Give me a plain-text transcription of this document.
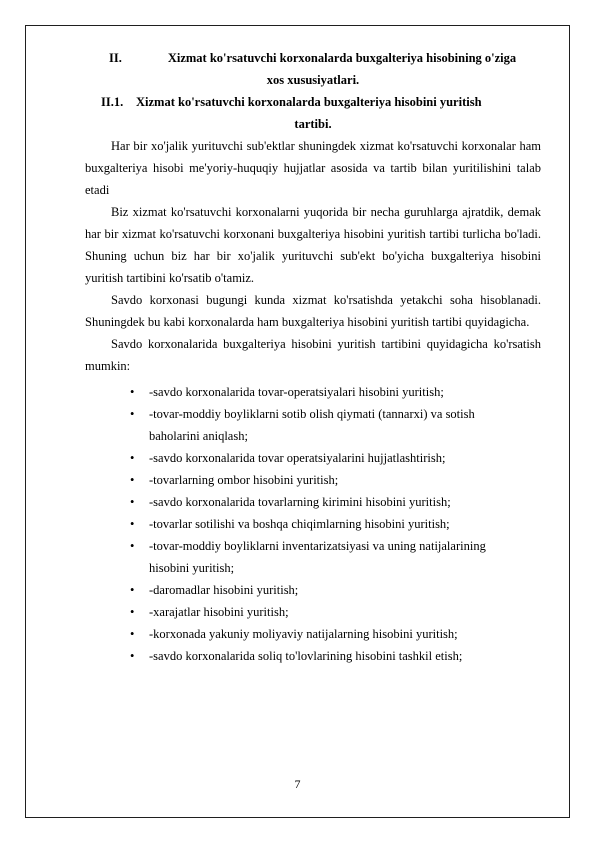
II.	Xizmat ko'rsatuvchi korxonalarda buxgalteriya hisobining o'ziga
xos xususiyatlari.
II.1. Xizmat ko'rsatuvchi korxonalarda buxgalteriya hisobini yuritish
tartibi.

Har bir xo'jalik yurituvchi sub'ektlar shuningdek xizmat ko'rsatuvchi korxonalar ham buxgalteriya hisobi me'yoriy-huquqiy hujjatlar asosida va tartib bilan yuritilishini talab etadi

Biz xizmat ko'rsatuvchi korxonalarni yuqorida bir necha guruhlarga ajratdik, demak har bir xizmat ko'rsatuvchi korxonani buxgalteriya hisobini yuritish tartibi turlicha bo'ladi. Shuning uchun biz har bir xo'jalik yurituvchi sub'ekt bo'yicha buxgalteriya hisobini yuritish tartibini ko'rsatib o'tamiz.

Savdo korxonasi bugungi kunda xizmat ko'rsatishda yetakchi soha hisoblanadi. Shuningdek bu kabi korxonalarda ham buxgalteriya hisobini yuritish tartibi quyidagicha.

Savdo korxonalarida buxgalteriya hisobini yuritish tartibini quyidagicha ko'rsatish mumkin:

• -savdo korxonalarida tovar-operatsiyalari hisobini yuritish;
• -tovar-moddiy boyliklarni sotib olish qiymati (tannarxi) va sotish baholarini aniqlash;
• -savdo korxonalarida tovar operatsiyalarini hujjatlashtirish;
• -tovarlarning ombor hisobini yuritish;
• -savdo korxonalarida tovarlarning kirimini hisobini yuritish;
• -tovarlar sotilishi va boshqa chiqimlarning hisobini yuritish;
• -tovar-moddiy boyliklarni inventarizatsiyasi va uning natijalarining hisobini yuritish;
• -daromadlar hisobini yuritish;
• -xarajatlar hisobini yuritish;
• -korxonada yakuniy moliyaviy natijalarning hisobini yuritish;
• -savdo korxonalarida soliq to'lovlarining hisobini tashkil etish;
7
